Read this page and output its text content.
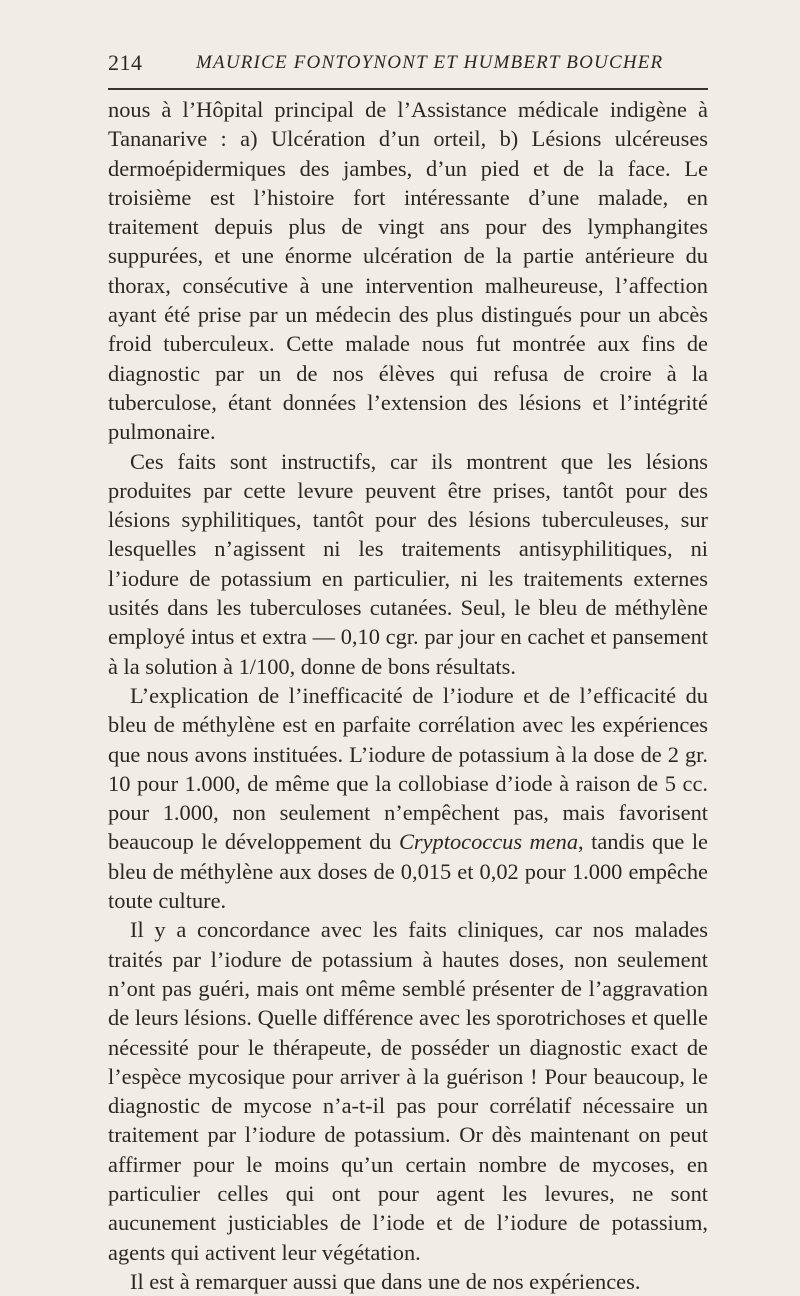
214	MAURICE FONTOYNONT ET HUMBERT BOUCHER

nous à l’Hôpital principal de l’Assistance médicale indigène à Tananarive : a) Ulcération d’un orteil, b) Lésions ulcéreuses dermoépidermiques des jambes, d’un pied et de la face. Le troisième est l’histoire fort intéressante d’une malade, en traitement depuis plus de vingt ans pour des lymphangites suppurées, et une énorme ulcération de la partie antérieure du thorax, consécutive à une intervention malheureuse, l’affection ayant été prise par un médecin des plus distingués pour un abcès froid tuberculeux. Cette malade nous fut montrée aux fins de diagnostic par un de nos élèves qui refusa de croire à la tuberculose, étant données l’extension des lésions et l’intégrité pulmonaire.

Ces faits sont instructifs, car ils montrent que les lésions produites par cette levure peuvent être prises, tantôt pour des lésions syphilitiques, tantôt pour des lésions tuberculeuses, sur lesquelles n’agissent ni les traitements antisyphilitiques, ni l’iodure de potassium en particulier, ni les traitements externes usités dans les tuberculoses cutanées. Seul, le bleu de méthylène employé intus et extra — 0,10 cgr. par jour en cachet et pansement à la solution à 1/100, donne de bons résultats.

L’explication de l’inefficacité de l’iodure et de l’efficacité du bleu de méthylène est en parfaite corrélation avec les expériences que nous avons instituées. L’iodure de potassium à la dose de 2 gr. 10 pour 1.000, de même que la collobiase d’iode à raison de 5 cc. pour 1.000, non seulement n’empêchent pas, mais favorisent beaucoup le développement du Cryptococcus mena, tandis que le bleu de méthylène aux doses de 0,015 et 0,02 pour 1.000 empêche toute culture.

Il y a concordance avec les faits cliniques, car nos malades traités par l’iodure de potassium à hautes doses, non seulement n’ont pas guéri, mais ont même semblé présenter de l’aggravation de leurs lésions. Quelle différence avec les sporotrichoses et quelle nécessité pour le thérapeute, de posséder un diagnostic exact de l’espèce mycosique pour arriver à la guérison ! Pour beaucoup, le diagnostic de mycose n’a-t-il pas pour corrélatif nécessaire un traitement par l’iodure de potassium. Or dès maintenant on peut affirmer pour le moins qu’un certain nombre de mycoses, en particulier celles qui ont pour agent les levures, ne sont aucunement justiciables de l’iode et de l’iodure de potassium, agents qui activent leur végétation.

Il est à remarquer aussi que dans une de nos expériences.
